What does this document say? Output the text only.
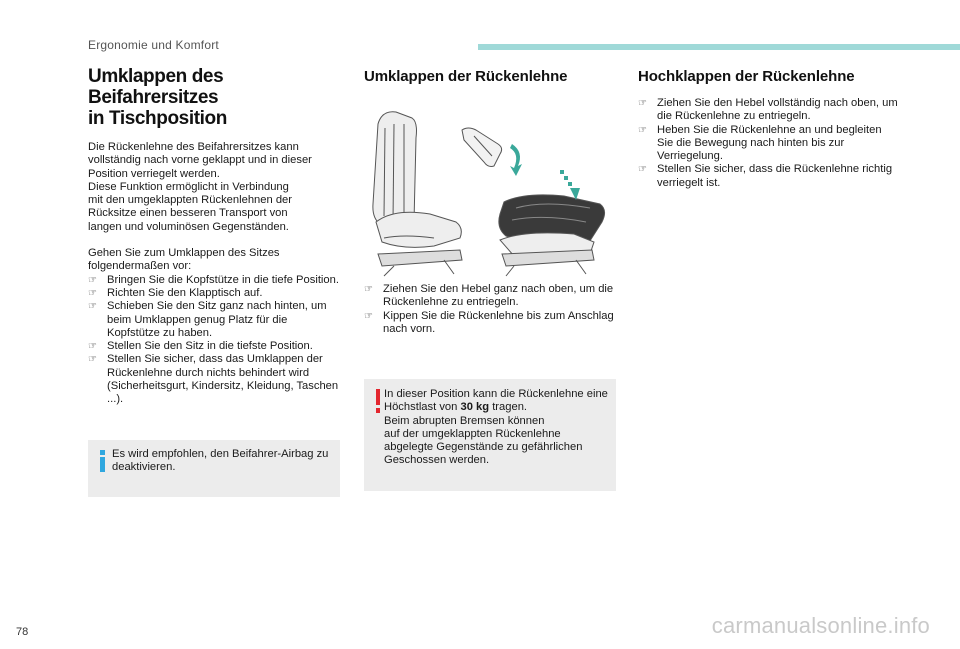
Ergonomie und Komfort
Umklappen des Beifahrersitzes
in Tischposition

Die Rückenlehne des Beifahrersitzes kann
vollständig nach vorne geklappt und in dieser
Position verriegelt werden.
Diese Funktion ermöglicht in Verbindung
mit den umgeklappten Rückenlehnen der
Rücksitze einen besseren Transport von
langen und voluminösen Gegenständen.

Gehen Sie zum Umklappen des Sitzes
folgendermaßen vor:

☞ Bringen Sie die Kopfstütze in die tiefe Position.
☞ Richten Sie den Klapptisch auf.
☞ Schieben Sie den Sitz ganz nach hinten, um beim Umklappen genug Platz für die Kopfstütze zu haben.
☞ Stellen Sie den Sitz in die tiefste Position.
☞ Stellen Sie sicher, dass das Umklappen der Rückenlehne durch nichts behindert wird (Sicherheitsgurt, Kindersitz, Kleidung, Taschen ...).

Es wird empfohlen, den Beifahrer-Airbag zu deaktivieren.

Umklappen der Rückenlehne
☞ Ziehen Sie den Hebel ganz nach oben, um die Rückenlehne zu entriegeln.
☞ Kippen Sie die Rückenlehne bis zum Anschlag nach vorn.

In dieser Position kann die Rückenlehne eine Höchstlast von 30 kg tragen.
Beim abrupten Bremsen können
auf der umgeklappten Rückenlehne
abgelegte Gegenstände zu gefährlichen
Geschossen werden.

Hochklappen der Rückenlehne
☞ Ziehen Sie den Hebel vollständig nach oben, um die Rückenlehne zu entriegeln.
☞ Heben Sie die Rückenlehne an und begleiten Sie die Bewegung nach hinten bis zur Verriegelung.
☞ Stellen Sie sicher, dass die Rückenlehne richtig verriegelt ist.
78	carmanualsonline.info
